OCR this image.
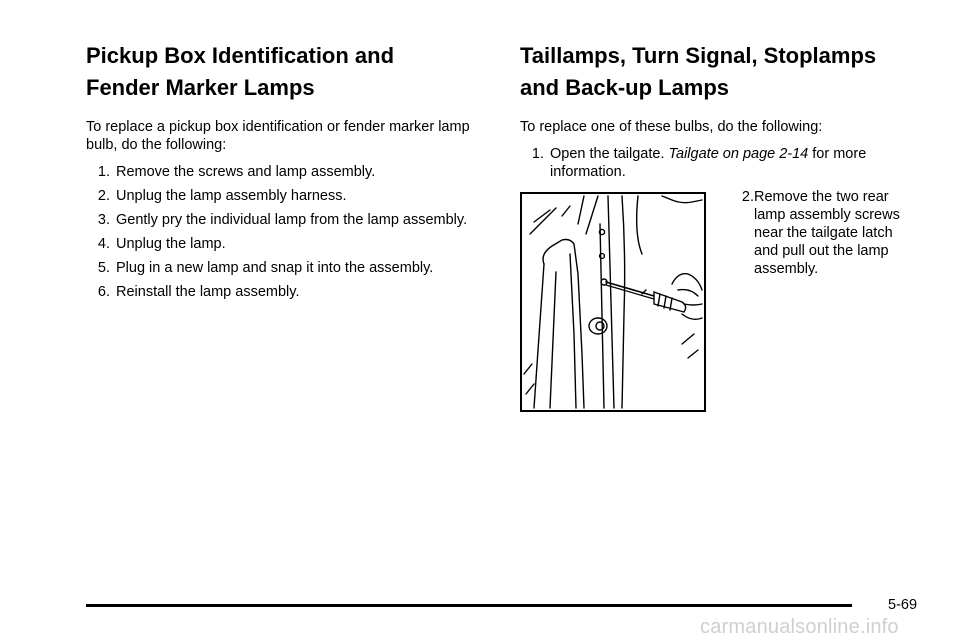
Pickup Box Identification and
Fender Marker Lamps

To replace a pickup box identification or fender marker lamp bulb, do the following:

1. Remove the screws and lamp assembly.
2. Unplug the lamp assembly harness.
3. Gently pry the individual lamp from the lamp assembly.
4. Unplug the lamp.
5. Plug in a new lamp and snap it into the assembly.
6. Reinstall the lamp assembly.
Taillamps, Turn Signal, Stoplamps
and Back-up Lamps

To replace one of these bulbs, do the following:

1. Open the tailgate. Tailgate on page 2-14 for more information.
2. Remove the two rear lamp assembly screws near the tailgate latch and pull out the lamp assembly.
5-69
carmanualsonline.info
